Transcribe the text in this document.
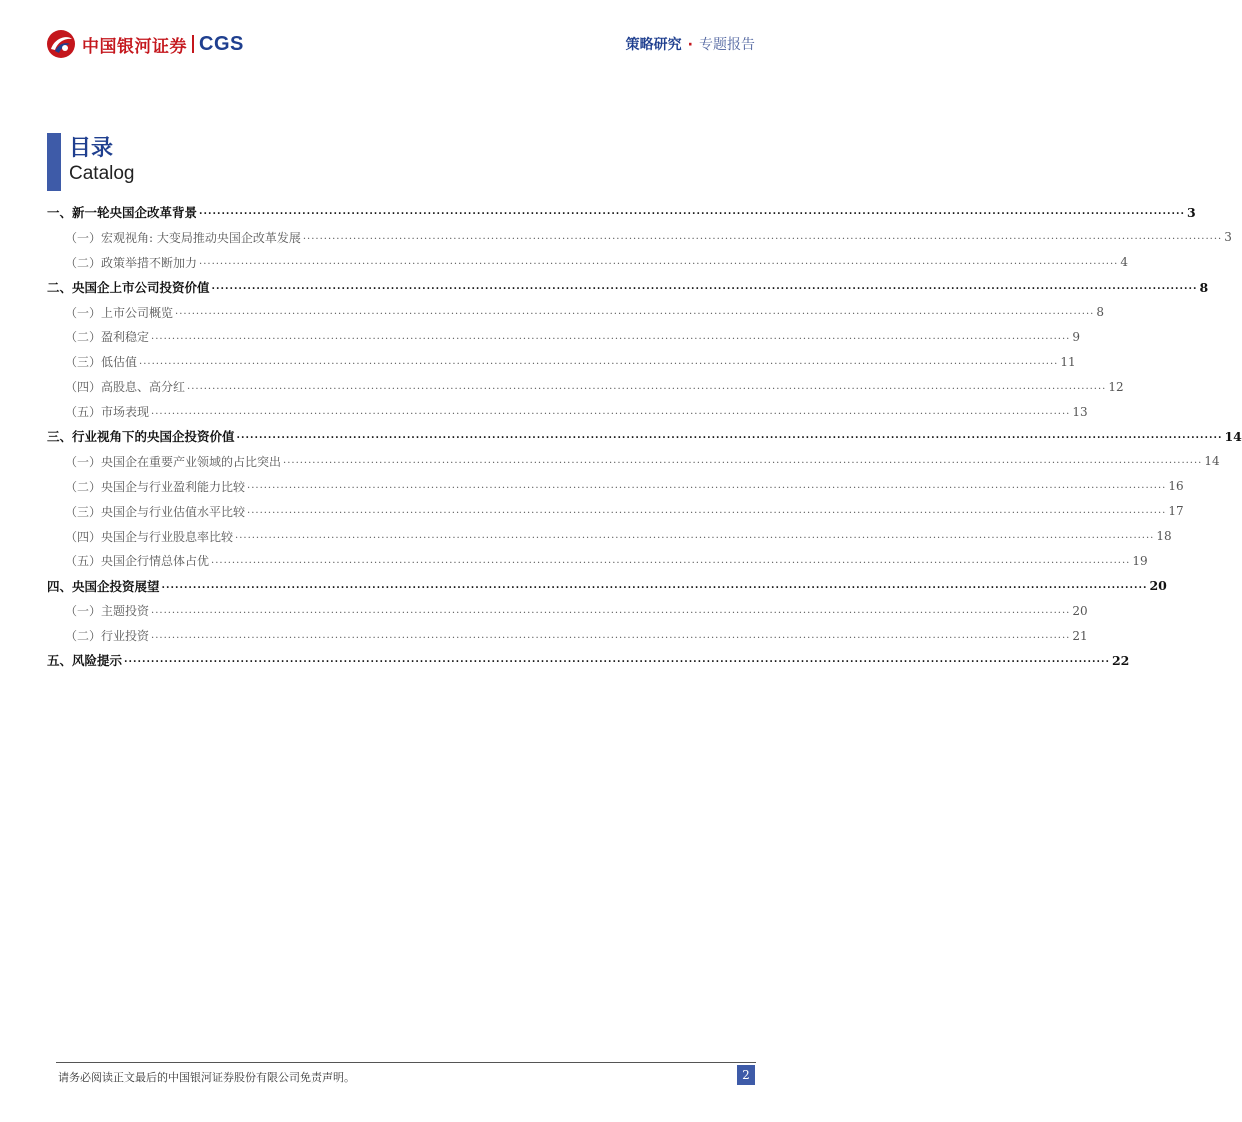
中国银河证券 CGS	策略研究 · 专题报告
目录
Catalog
一、 新一轮央国企改革背景 ............................................................................................................................................................................................................................ 3
（一） 宏观视角: 大变局推动央国企改革发展 ............................................................................................................................................................................................................................ 3
（二） 政策举措不断加力 ............................................................................................................................................................................................................................ 4
二、 央国企上市公司投资价值 ............................................................................................................................................................................................................................ 8
（一） 上市公司概览 ............................................................................................................................................................................................................................ 8
（二） 盈利稳定 ............................................................................................................................................................................................................................ 9
（三） 低估值 ............................................................................................................................................................................................................................ 11
（四） 高股息、高分红 ............................................................................................................................................................................................................................ 12
（五） 市场表现 ............................................................................................................................................................................................................................ 13
三、 行业视角下的央国企投资价值 ............................................................................................................................................................................................................................ 14
（一） 央国企在重要产业领域的占比突出 ............................................................................................................................................................................................................................ 14
（二） 央国企与行业盈利能力比较 ............................................................................................................................................................................................................................ 16
（三） 央国企与行业估值水平比较 ............................................................................................................................................................................................................................ 17
（四） 央国企与行业股息率比较 ............................................................................................................................................................................................................................ 18
（五） 央国企行情总体占优 ............................................................................................................................................................................................................................ 19
四、 央国企投资展望 ............................................................................................................................................................................................................................ 20
（一） 主题投资 ............................................................................................................................................................................................................................ 20
（二） 行业投资 ............................................................................................................................................................................................................................ 21
五、 风险提示 ............................................................................................................................................................................................................................ 22
请务必阅读正文最后的中国银河证券股份有限公司免责声明。	2
